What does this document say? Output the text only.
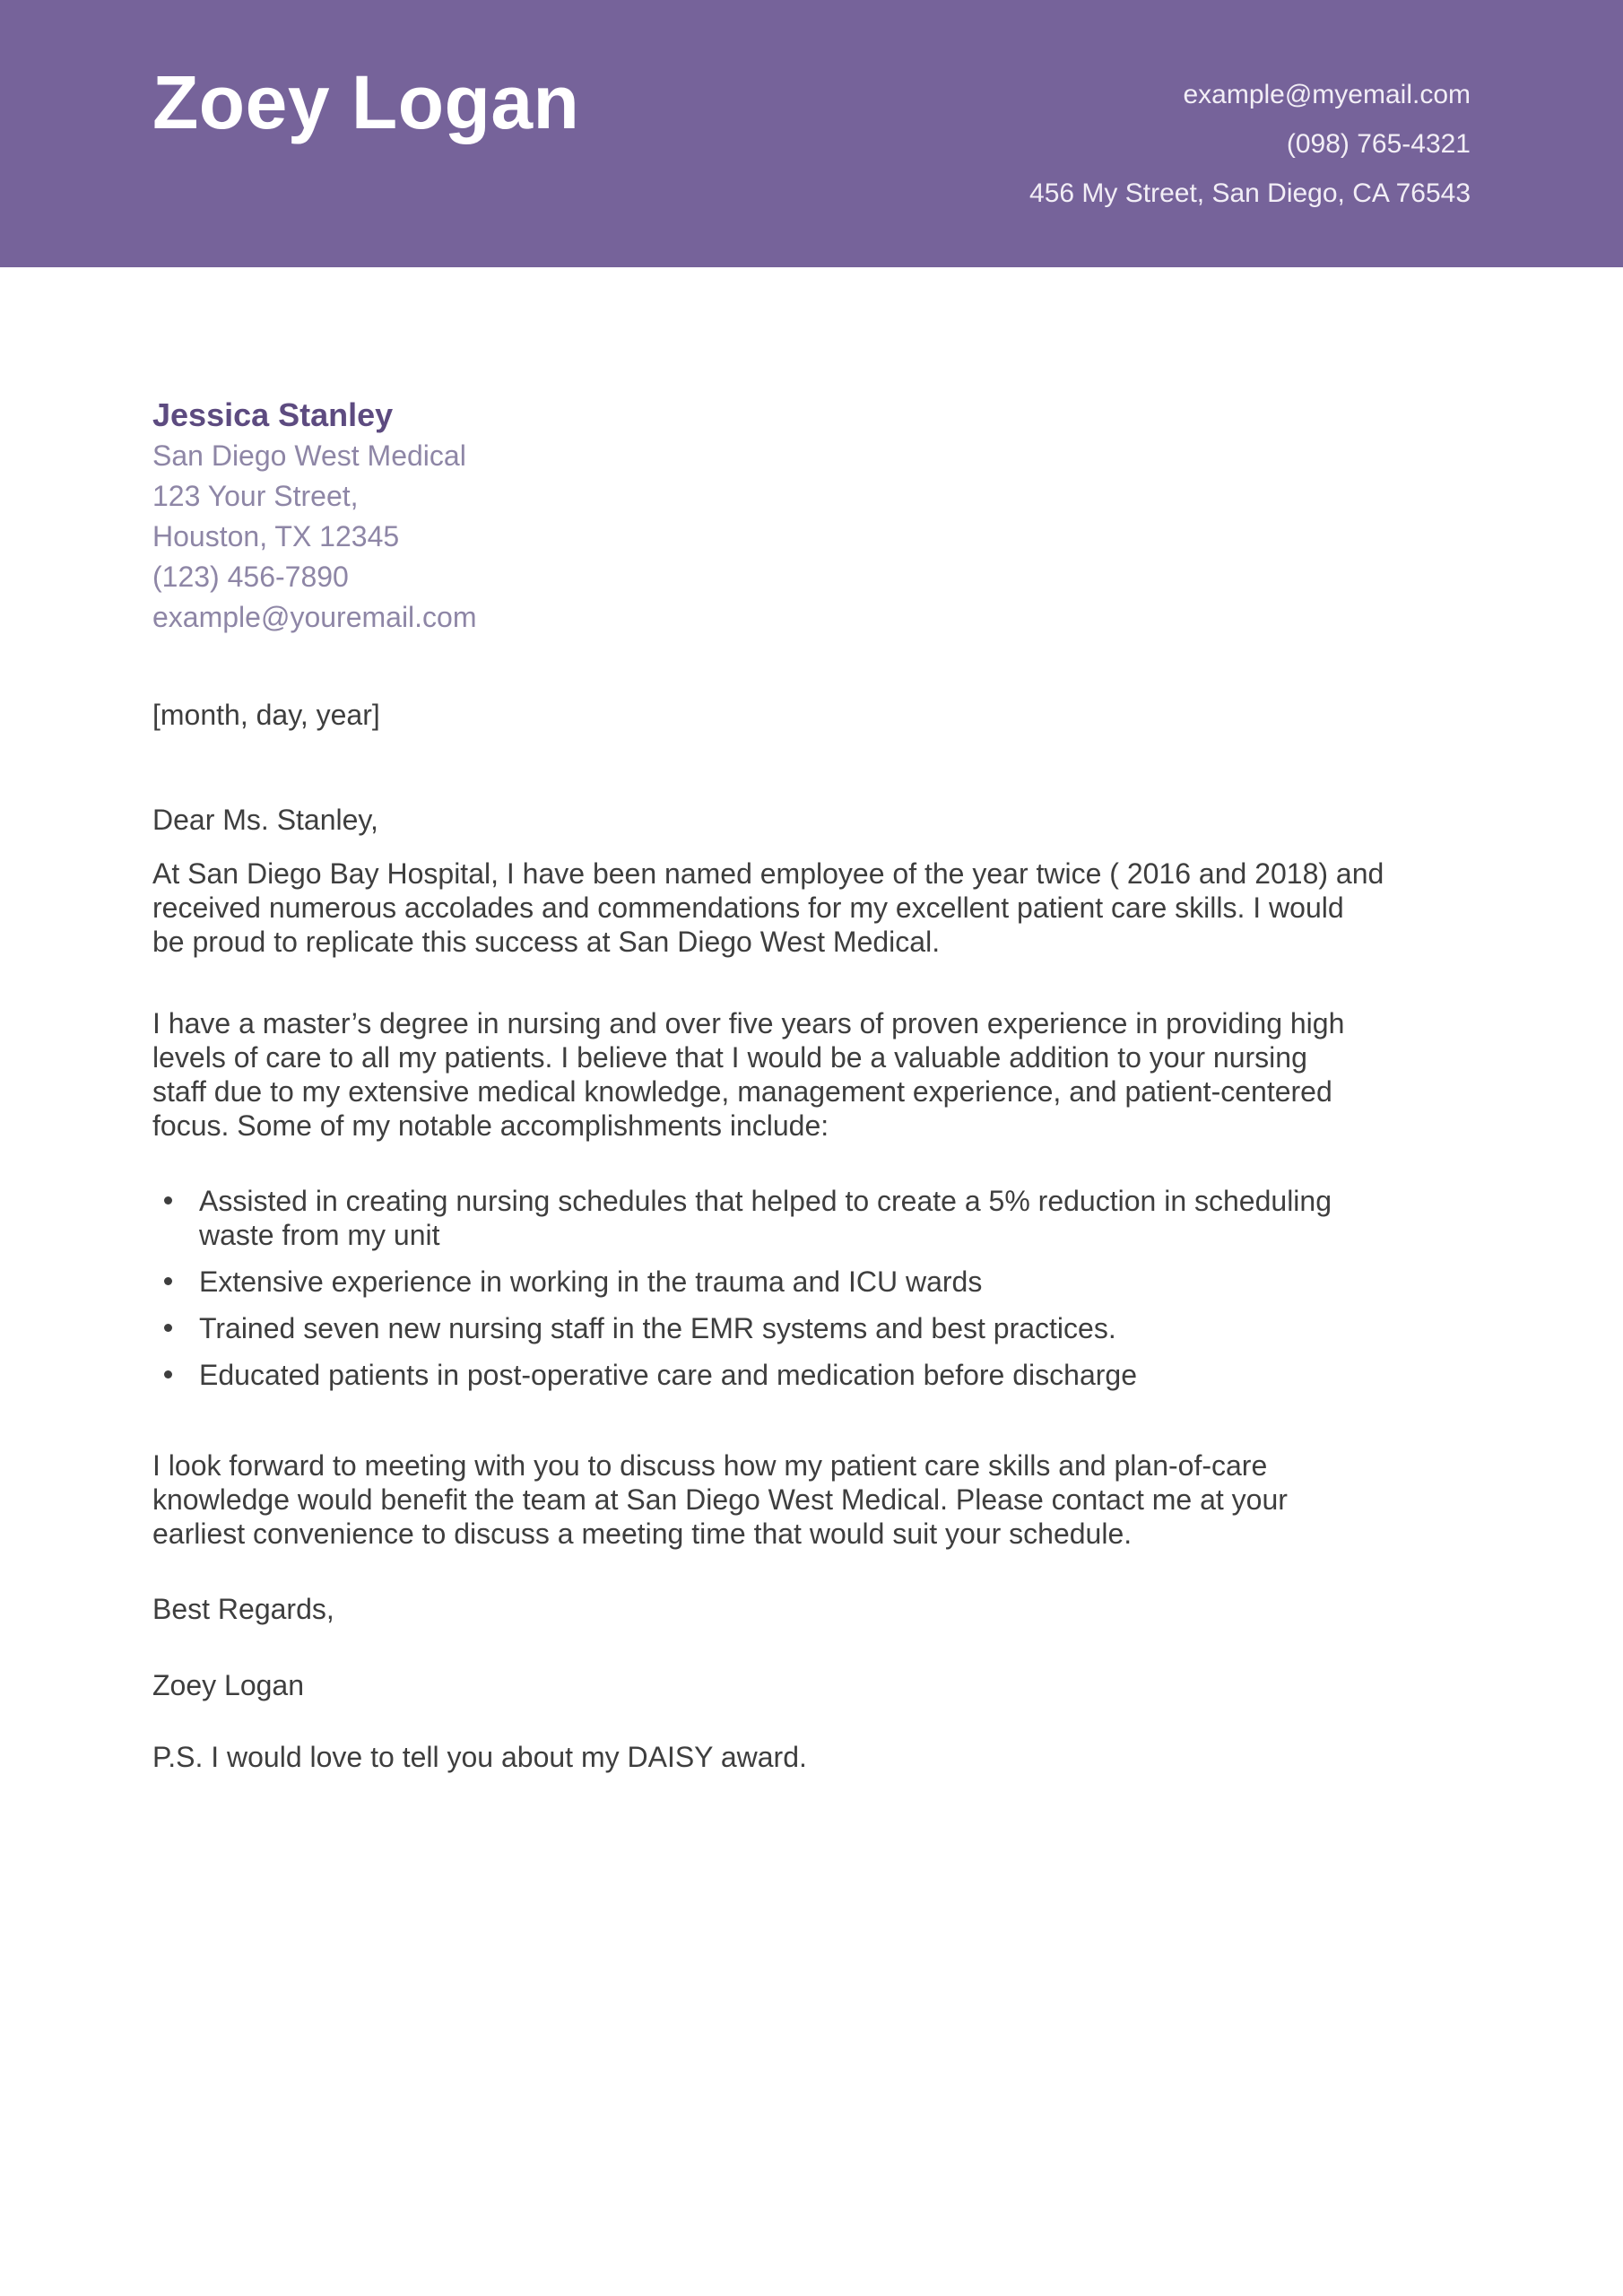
Zoey Logan	example@myemail.com
(098) 765-4321
456 My Street, San Diego, CA 76543
Jessica Stanley
San Diego West Medical
123 Your Street,
Houston, TX 12345
(123) 456-7890
example@youremail.com
[month, day, year]
Dear Ms. Stanley,
At San Diego Bay Hospital, I have been named employee of the year twice ( 2016 and 2018) and
received numerous accolades and commendations for my excellent patient care skills. I would
be proud to replicate this success at San Diego West Medical.
I have a master’s degree in nursing and over five years of proven experience in providing high
levels of care to all my patients. I believe that I would be a valuable addition to your nursing
staff due to my extensive medical knowledge, management experience, and patient-centered
focus. Some of my notable accomplishments include:
Assisted in creating nursing schedules that helped to create a 5% reduction in scheduling
waste from my unit
Extensive experience in working in the trauma and ICU wards
Trained seven new nursing staff in the EMR systems and best practices.
Educated patients in post-operative care and medication before discharge
I look forward to meeting with you to discuss how my patient care skills and plan-of-care
knowledge would benefit the team at San Diego West Medical. Please contact me at your
earliest convenience to discuss a meeting time that would suit your schedule.
Best Regards,
Zoey Logan
P.S. I would love to tell you about my DAISY award.
